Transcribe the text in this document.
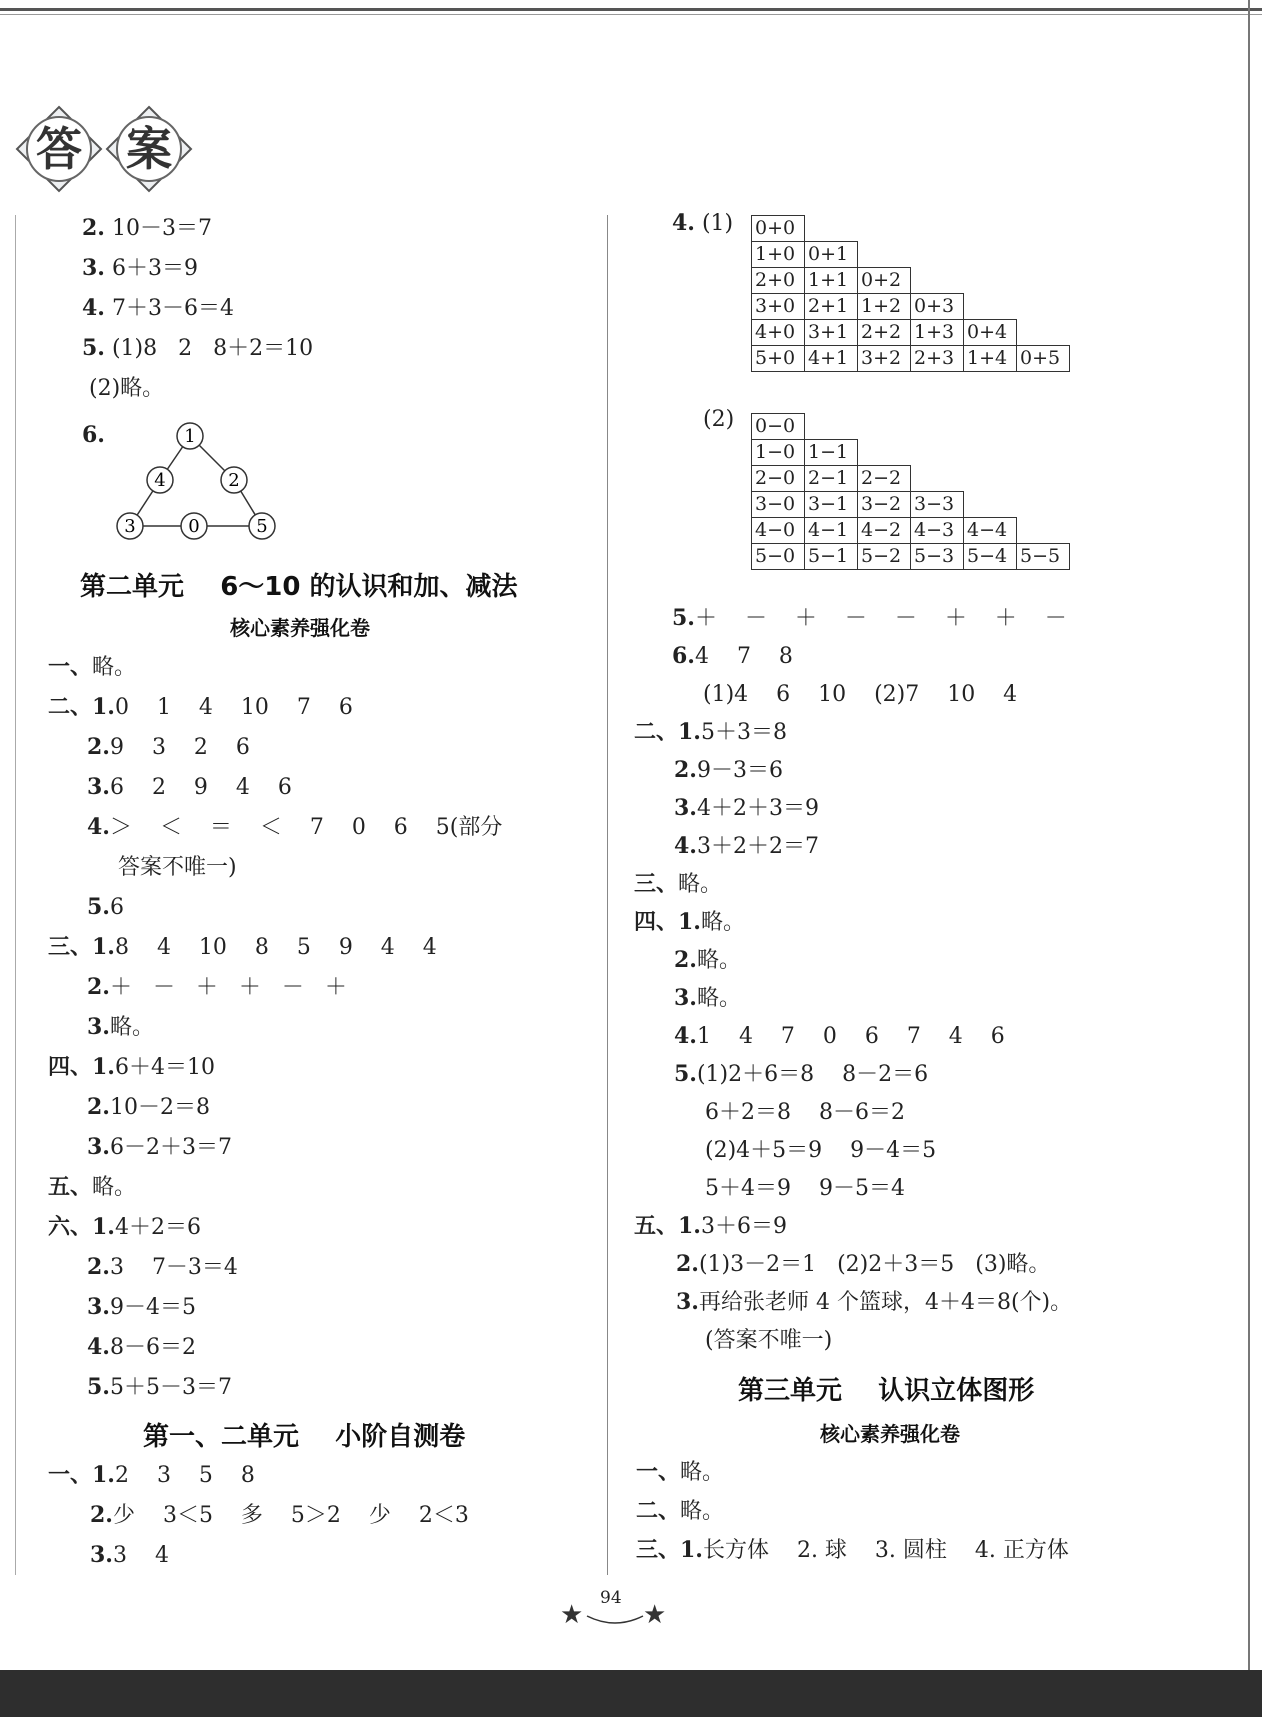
答 案
2. 10－3＝7
3. 6＋3＝9
4. 7＋3－6＝4
5. (1)8   2   8＋2＝10
(2)略。
6.	1
4	2
3	0	5
第二单元    6～10 的认识和加、减法
核心素养强化卷
一、略。
二、1.0    1    4    10    7    6
2.9    3    2    6
3.6    2    9    4    6
4.＞    ＜    ＝    ＜    7    0    6    5(部分
答案不唯一)
5.6
三、1.8    4    10    8    5    9    4    4
2.＋   －   ＋   ＋   －   ＋
3.略。
四、1.6＋4＝10
2.10－2＝8
3.6－2＋3＝7
五、略。
六、1.4＋2＝6
2.3    7－3＝4
3.9－4＝5
4.8－6＝2
5.5＋5－3＝7
第一、二单元    小阶自测卷
一、1.2    3    5    8
2.少    3＜5    多    5＞2    少    2＜3
3.3    4
4. (1) 0+0					
1+0	0+1				
2+0	1+1	0+2			
3+0	2+1	1+2	0+3		
4+0	3+1	2+2	1+3	0+4	
5+0	4+1	3+2	2+3	1+4	0+5
(2) 0−0					
1−0	1−1				
2−0	2−1	2−2			
3−0	3−1	3−2	3−3		
4−0	4−1	4−2	4−3	4−4	
5−0	5−1	5−2	5−3	5−4	5−5
5.＋    －    ＋    －    －    ＋    ＋    －
6.4    7    8
(1)4    6    10    (2)7    10    4
二、1.5＋3＝8
2.9－3＝6
3.4＋2＋3＝9
4.3＋2＋2＝7
三、略。
四、1.略。
2.略。
3.略。
4.1    4    7    0    6    7    4    6
5.(1)2＋6＝8    8－2＝6
6＋2＝8    8－6＝2
(2)4＋5＝9    9－4＝5
5＋4＝9    9－5＝4
五、1.3＋6＝9
2.(1)3－2＝1   (2)2＋3＝5   (3)略。
3.再给张老师 4 个篮球，4＋4＝8(个)。
(答案不唯一)
第三单元    认识立体图形
核心素养强化卷
一、略。
二、略。
三、1.长方体    2. 球    3. 圆柱    4. 正方体
94
★ ★
